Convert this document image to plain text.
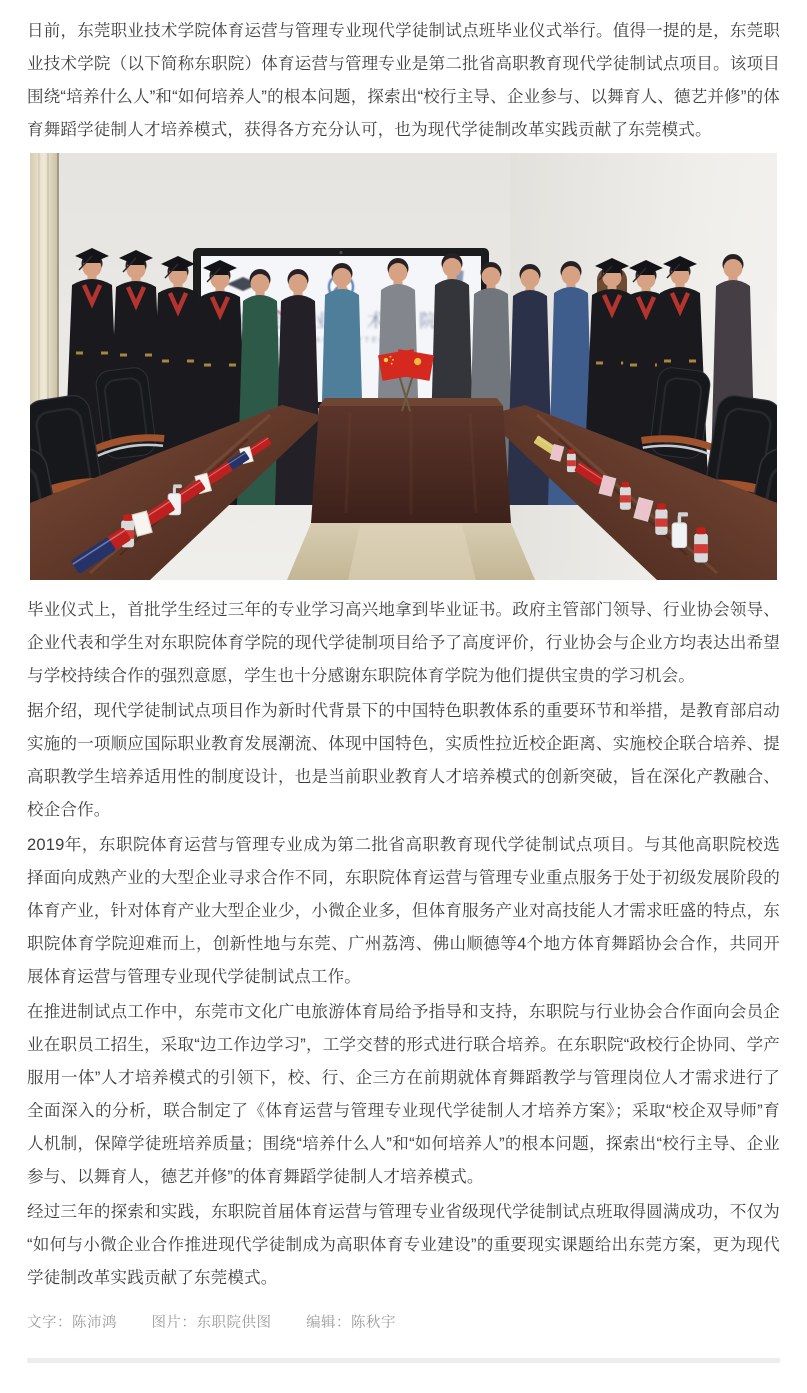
日前，东莞职业技术学院体育运营与管理专业现代学徒制试点班毕业仪式举行。值得一提的是，东莞职业技术学院（以下简称东职院）体育运营与管理专业是第二批省高职教育现代学徒制试点项目。该项目围绕“培养什么人”和“如何培养人”的根本问题，探索出“校行主导、企业参与、以舞育人、德艺并修”的体育舞蹈学徒制人才培养模式，获得各方充分认可，也为现代学徒制改革实践贡献了东莞模式。

POLYTECHNIC

毕业仪式上，首批学生经过三年的专业学习高兴地拿到毕业证书。政府主管部门领导、行业协会领导、企业代表和学生对东职院体育学院的现代学徒制项目给予了高度评价，行业协会与企业方均表达出希望与学校持续合作的强烈意愿，学生也十分感谢东职院体育学院为他们提供宝贵的学习机会。

据介绍，现代学徒制试点项目作为新时代背景下的中国特色职教体系的重要环节和举措，是教育部启动实施的一项顺应国际职业教育发展潮流、体现中国特色，实质性拉近校企距离、实施校企联合培养、提高职教学生培养适用性的制度设计，也是当前职业教育人才培养模式的创新突破，旨在深化产教融合、校企合作。

2019年，东职院体育运营与管理专业成为第二批省高职教育现代学徒制试点项目。与其他高职院校选择面向成熟产业的大型企业寻求合作不同，东职院体育运营与管理专业重点服务于处于初级发展阶段的体育产业，针对体育产业大型企业少，小微企业多，但体育服务产业对高技能人才需求旺盛的特点，东职院体育学院迎难而上，创新性地与东莞、广州荔湾、佛山顺德等4个地方体育舞蹈协会合作，共同开展体育运营与管理专业现代学徒制试点工作。

在推进制试点工作中，东莞市文化广电旅游体育局给予指导和支持，东职院与行业协会合作面向会员企业在职员工招生，采取“边工作边学习”，工学交替的形式进行联合培养。在东职院“政校行企协同、学产服用一体”人才培养模式的引领下，校、行、企三方在前期就体育舞蹈教学与管理岗位人才需求进行了全面深入的分析，联合制定了《体育运营与管理专业现代学徒制人才培养方案》；采取“校企双导师”育人机制，保障学徒班培养质量；围绕“培养什么人”和“如何培养人”的根本问题，探索出“校行主导、企业参与、以舞育人，德艺并修”的体育舞蹈学徒制人才培养模式。

经过三年的探索和实践，东职院首届体育运营与管理专业省级现代学徒制试点班取得圆满成功，不仅为“如何与小微企业合作推进现代学徒制成为高职体育专业建设”的重要现实课题给出东莞方案，更为现代学徒制改革实践贡献了东莞模式。

文字：陈沛鸿 图片：东职院供图 编辑：陈秋宇
